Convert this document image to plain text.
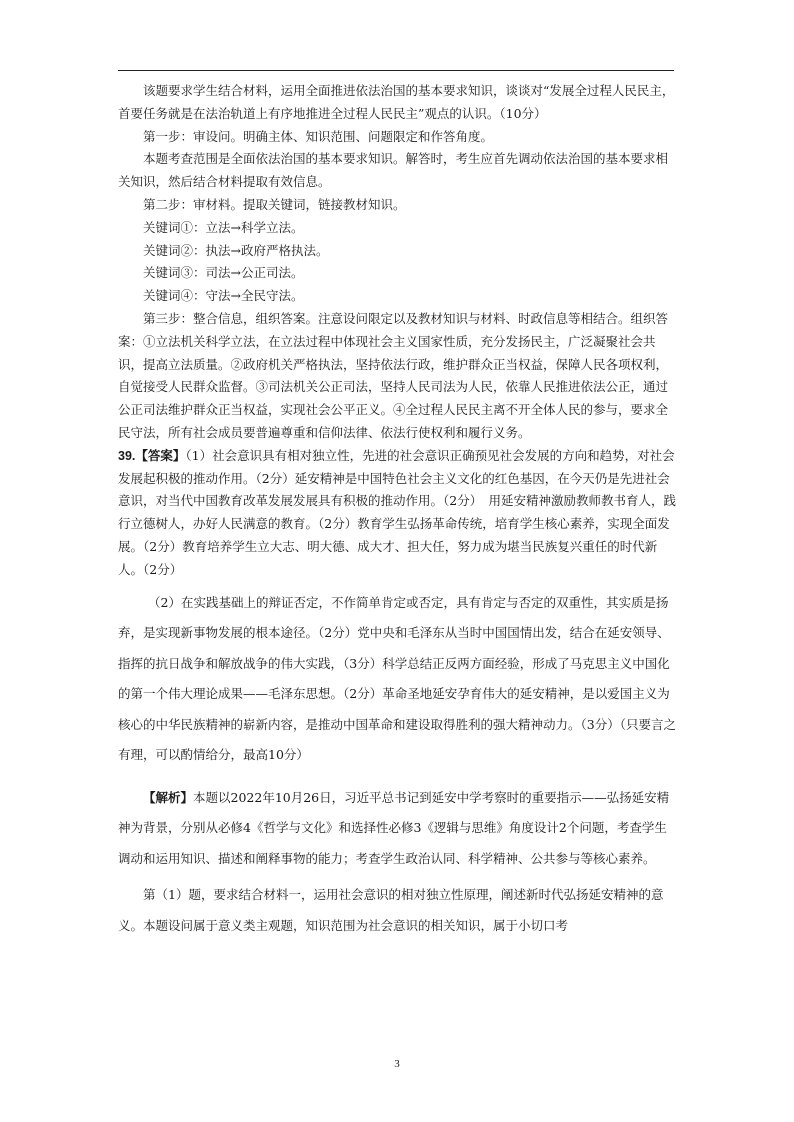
该题要求学生结合材料，运用全面推进依法治国的基本要求知识，谈谈对“发展全过程人民民主，首要任务就是在法治轨道上有序地推进全过程人民民主”观点的认识。（10分）

第一步：审设问。明确主体、知识范围、问题限定和作答角度。

本题考查范围是全面依法治国的基本要求知识。解答时，考生应首先调动依法治国的基本要求相关知识，然后结合材料提取有效信息。

第二步：审材料。提取关键词，链接教材知识。

关键词①：立法→科学立法。

关键词②：执法→政府严格执法。

关键词③：司法→公正司法。

关键词④：守法→全民守法。

第三步：整合信息，组织答案。注意设问限定以及教材知识与材料、时政信息等相结合。组织答案：①立法机关科学立法，在立法过程中体现社会主义国家性质，充分发扬民主，广泛凝聚社会共识，提高立法质量。②政府机关严格执法，坚持依法行政，维护群众正当权益，保障人民各项权利，自觉接受人民群众监督。③司法机关公正司法，坚持人民司法为人民，依靠人民推进依法公正，通过公正司法维护群众正当权益，实现社会公平正义。④全过程人民民主离不开全体人民的参与，要求全民守法，所有社会成员要普遍尊重和信仰法律、依法行使权利和履行义务。

39.【答案】（1）社会意识具有相对独立性，先进的社会意识正确预见社会发展的方向和趋势，对社会发展起积极的推动作用。（2分）延安精神是中国特色社会主义文化的红色基因，在今天仍是先进社会意识，对当代中国教育改革发展发展具有积极的推动作用。（2分）　用延安精神激励教师教书育人，践行立德树人，办好人民满意的教育。（2分）教育学生弘扬革命传统，培育学生核心素养，实现全面发展。（2分）教育培养学生立大志、明大德、成大才、担大任，努力成为堪当民族复兴重任的时代新人。（2分）

（2）在实践基础上的辩证否定，不作简单肯定或否定，具有肯定与否定的双重性，其实质是扬弃，是实现新事物发展的根本途径。（2分）党中央和毛泽东从当时中国国情出发，结合在延安领导、指挥的抗日战争和解放战争的伟大实践，（3分）科学总结正反两方面经验，形成了马克思主义中国化的第一个伟大理论成果——毛泽东思想。（2分）革命圣地延安孕育伟大的延安精神，是以爱国主义为核心的中华民族精神的崭新内容，是推动中国革命和建设取得胜利的强大精神动力。（3分）（只要言之有理，可以酌情给分，最高10分）

【解析】本题以2022年10月26日，习近平总书记到延安中学考察时的重要指示——弘扬延安精神为背景，分别从必修4《哲学与文化》和选择性必修3《逻辑与思维》角度设计2个问题，考查学生调动和运用知识、描述和阐释事物的能力；考查学生政治认同、科学精神、公共参与等核心素养。

第（1）题，要求结合材料一，运用社会意识的相对独立性原理，阐述新时代弘扬延安精神的意义。本题设问属于意义类主观题，知识范围为社会意识的相关知识，属于小切口考

3
